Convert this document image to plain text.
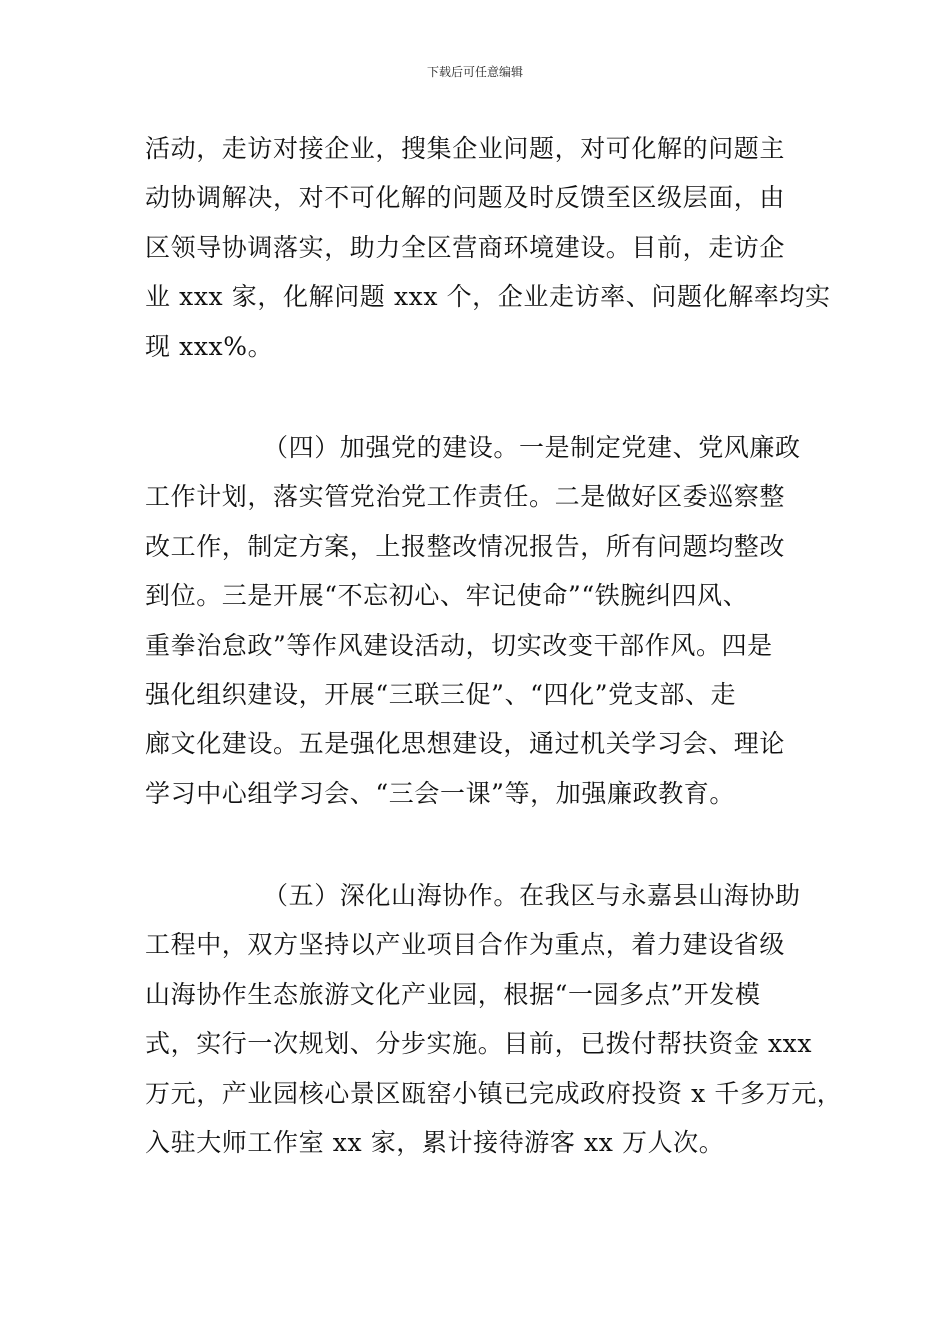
下载后可任意编辑
活动，走访对接企业，搜集企业问题，对可化解的问题主
动协调解决，对不可化解的问题及时反馈至区级层面，由
区领导协调落实，助力全区营商环境建设。目前，走访企
业 xxx 家，化解问题 xxx 个，企业走访率、问题化解率均实
现 xxx%。
（四）加强党的建设。一是制定党建、党风廉政
工作计划，落实管党治党工作责任。二是做好区委巡察整
改工作，制定方案，上报整改情况报告，所有问题均整改
到位。三是开展“不忘初心、牢记使命”“铁腕纠四风、
重拳治怠政”等作风建设活动，切实改变干部作风。四是
强化组织建设，开展“三联三促”、“四化”党支部、走
廊文化建设。五是强化思想建设，通过机关学习会、理论
学习中心组学习会、“三会一课”等，加强廉政教育。
（五）深化山海协作。在我区与永嘉县山海协助
工程中，双方坚持以产业项目合作为重点，着力建设省级
山海协作生态旅游文化产业园，根据“一园多点”开发模
式，实行一次规划、分步实施。目前，已拨付帮扶资金 xxx
万元，产业园核心景区瓯窑小镇已完成政府投资 x 千多万元，
入驻大师工作室 xx 家，累计接待游客 xx 万人次。
